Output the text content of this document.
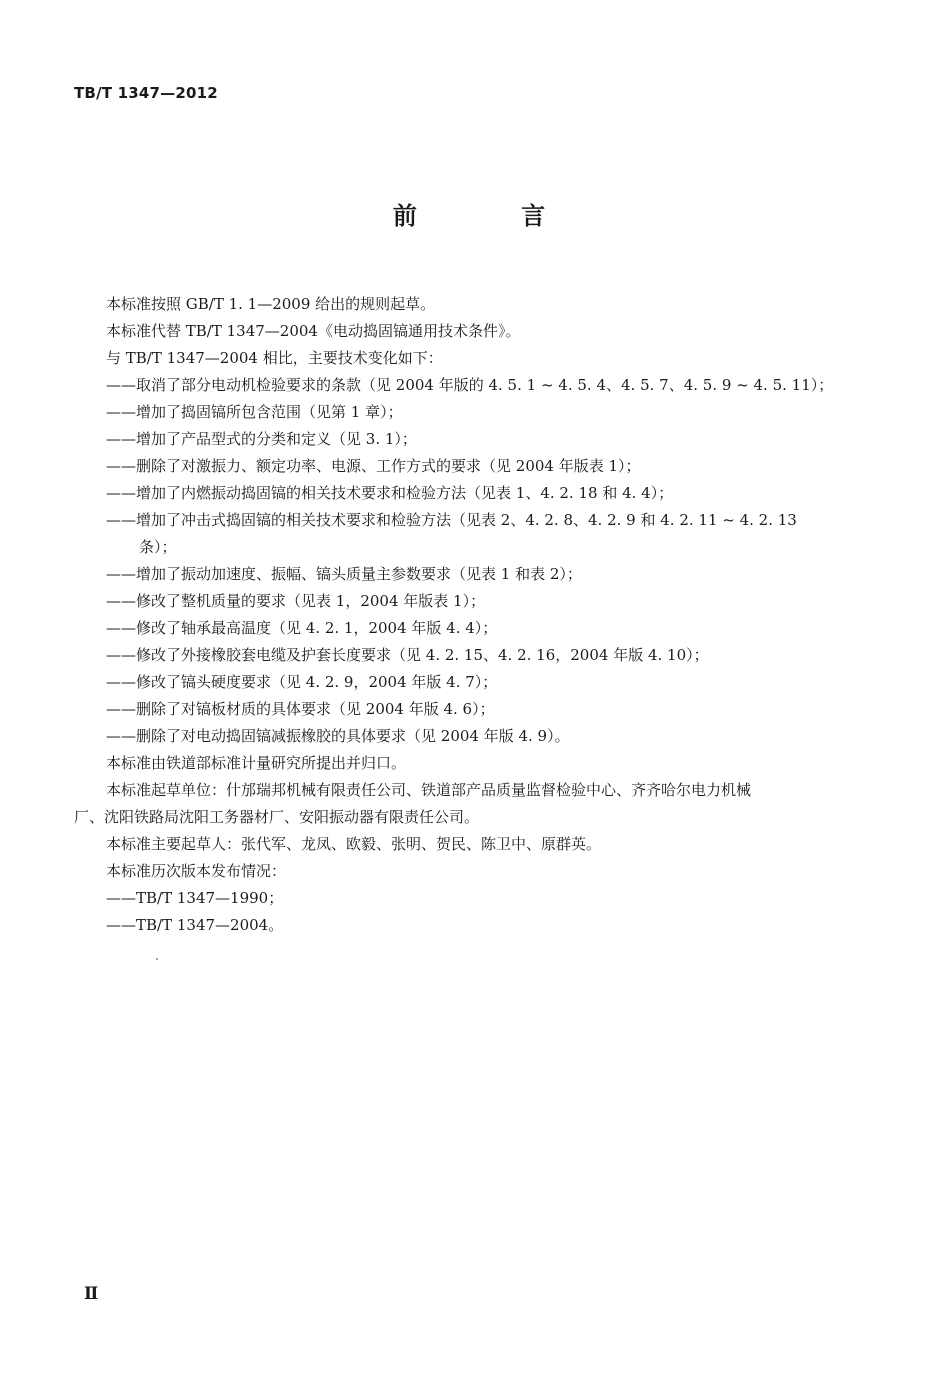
TB/T 1347—2012
前 言
本标准按照 GB/T 1. 1—2009 给出的规则起草。
本标准代替 TB/T 1347—2004《电动捣固镐通用技术条件》。
与 TB/T 1347—2004 相比，主要技术变化如下：
——取消了部分电动机检验要求的条款（见 2004 年版的 4. 5. 1 ~ 4. 5. 4、4. 5. 7、4. 5. 9 ~ 4. 5. 11）；
——增加了捣固镐所包含范围（见第 1 章）；
——增加了产品型式的分类和定义（见 3. 1）；
——删除了对激振力、额定功率、电源、工作方式的要求（见 2004 年版表 1）；
——增加了内燃振动捣固镐的相关技术要求和检验方法（见表 1、4. 2. 18 和 4. 4）；
——增加了冲击式捣固镐的相关技术要求和检验方法（见表 2、4. 2. 8、4. 2. 9 和 4. 2. 11 ~ 4. 2. 13
条）；
——增加了振动加速度、振幅、镐头质量主参数要求（见表 1 和表 2）；
——修改了整机质量的要求（见表 1，2004 年版表 1）；
——修改了轴承最高温度（见 4. 2. 1，2004 年版 4. 4）；
——修改了外接橡胶套电缆及护套长度要求（见 4. 2. 15、4. 2. 16，2004 年版 4. 10）；
——修改了镐头硬度要求（见 4. 2. 9，2004 年版 4. 7）；
——删除了对镐板材质的具体要求（见 2004 年版 4. 6）；
——删除了对电动捣固镐减振橡胶的具体要求（见 2004 年版 4. 9）。
本标准由铁道部标准计量研究所提出并归口。
本标准起草单位：什邡瑞邦机械有限责任公司、铁道部产品质量监督检验中心、齐齐哈尔电力机械
厂、沈阳铁路局沈阳工务器材厂、安阳振动器有限责任公司。
本标准主要起草人：张代军、龙凤、欧毅、张明、贺民、陈卫中、原群英。
本标准历次版本发布情况：
——TB/T 1347—1990；
——TB/T 1347—2004。
Ⅱ
